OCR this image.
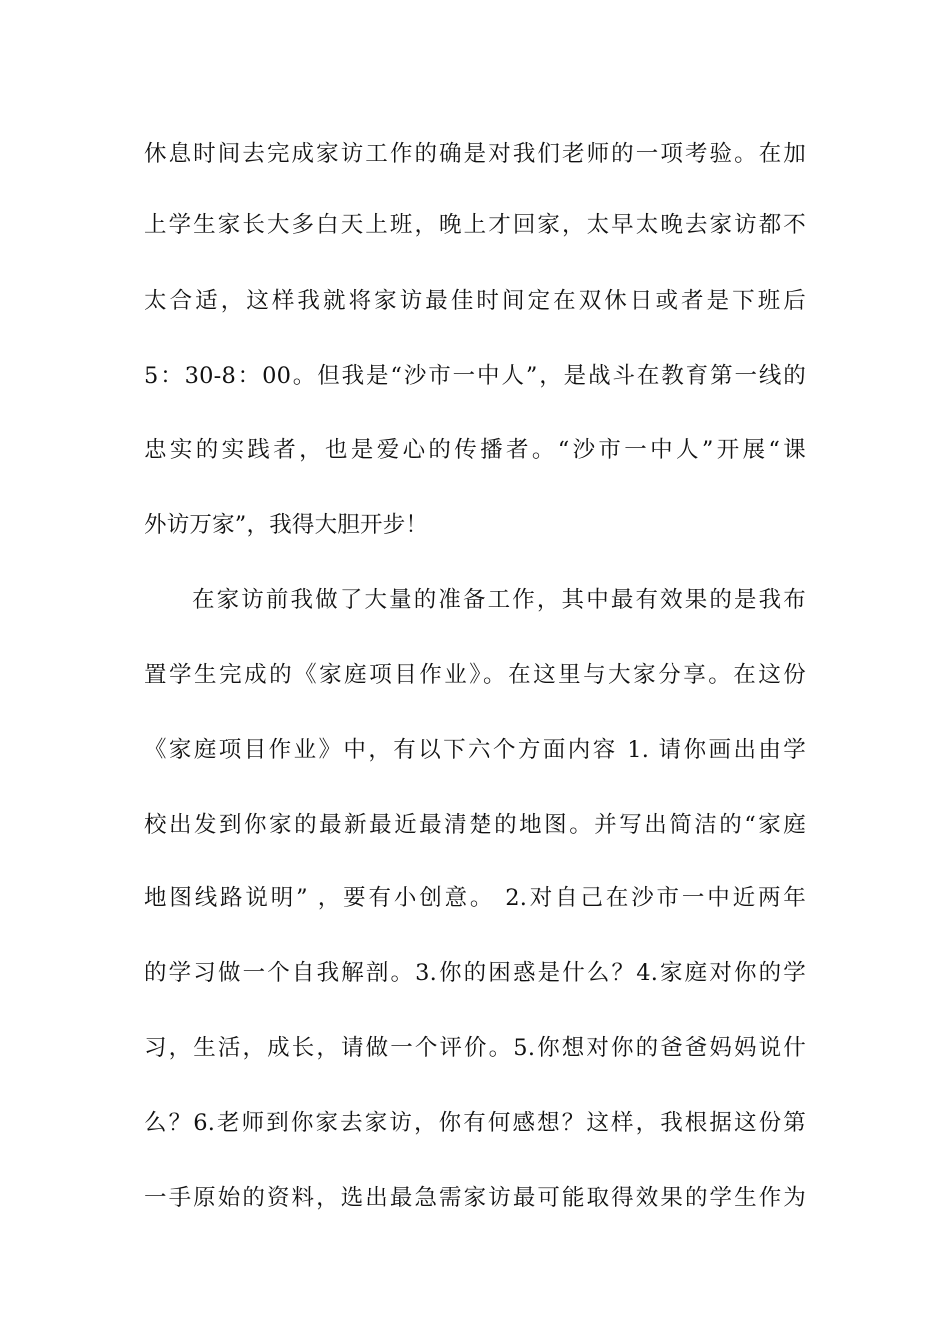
休息时间去完成家访工作的确是对我们老师的一项考验。在加
上学生家长大多白天上班，晚上才回家，太早太晚去家访都不
太合适，这样我就将家访最佳时间定在双休日或者是下班后
5：30-8：00。但我是“沙市一中人”，是战斗在教育第一线的
忠实的实践者，也是爱心的传播者。“沙市一中人”开展“课
外访万家”，我得大胆开步！
在家访前我做了大量的准备工作，其中最有效果的是我布
置学生完成的《家庭项目作业》。在这里与大家分享。在这份
《家庭项目作业》中，有以下六个方面内容 1. 请你画出由学
校出发到你家的最新最近最清楚的地图。并写出简洁的“家庭
地图线路说明” ，要有小创意。 2.对自己在沙市一中近两年
的学习做一个自我解剖。3.你的困惑是什么？4.家庭对你的学
习，生活，成长，请做一个评价。5.你想对你的爸爸妈妈说什
么？6.老师到你家去家访，你有何感想？这样，我根据这份第
一手原始的资料，选出最急需家访最可能取得效果的学生作为
